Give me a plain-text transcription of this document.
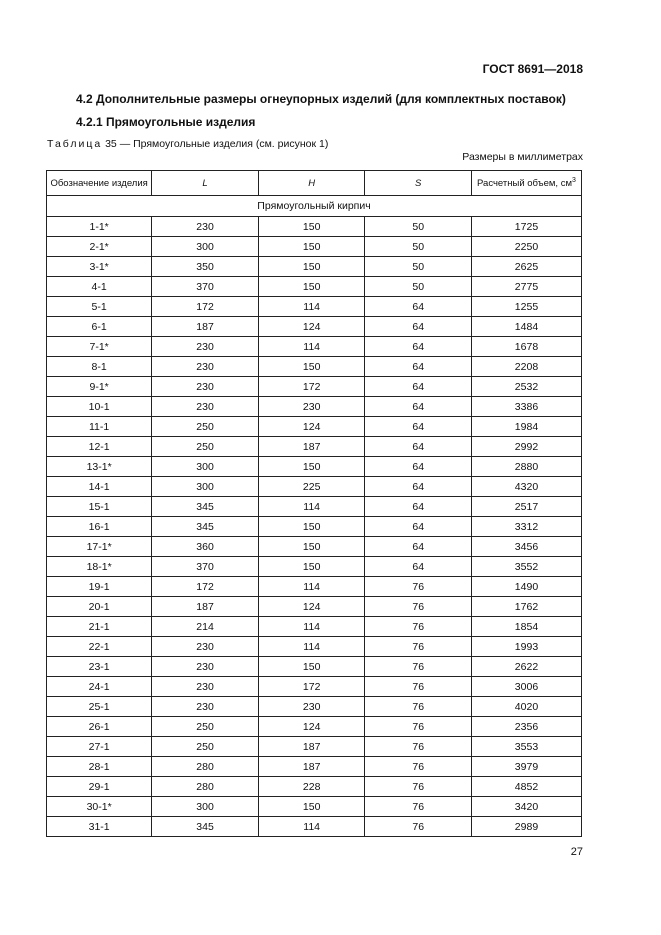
ГОСТ 8691—2018
4.2 Дополнительные размеры огнеупорных изделий (для комплектных поставок)
4.2.1 Прямоугольные изделия
Таблица 35 — Прямоугольные изделия (см. рисунок 1)
Размеры в миллиметрах
Обозначение изделия	L	H	S	Расчетный объем, $см^3$
Прямоугольный кирпич				
1-1*	230	150	50	1725
2-1*	300	150	50	2250
3-1*	350	150	50	2625
4-1	370	150	50	2775
5-1	172	114	64	1255
6-1	187	124	64	1484
7-1*	230	114	64	1678
8-1	230	150	64	2208
9-1*	230	172	64	2532
10-1	230	230	64	3386
11-1	250	124	64	1984
12-1	250	187	64	2992
13-1*	300	150	64	2880
14-1	300	225	64	4320
15-1	345	114	64	2517
16-1	345	150	64	3312
17-1*	360	150	64	3456
18-1*	370	150	64	3552
19-1	172	114	76	1490
20-1	187	124	76	1762
21-1	214	114	76	1854
22-1	230	114	76	1993
23-1	230	150	76	2622
24-1	230	172	76	3006
25-1	230	230	76	4020
26-1	250	124	76	2356
27-1	250	187	76	3553
28-1	280	187	76	3979
29-1	280	228	76	4852
30-1*	300	150	76	3420
31-1	345	114	76	2989
27
